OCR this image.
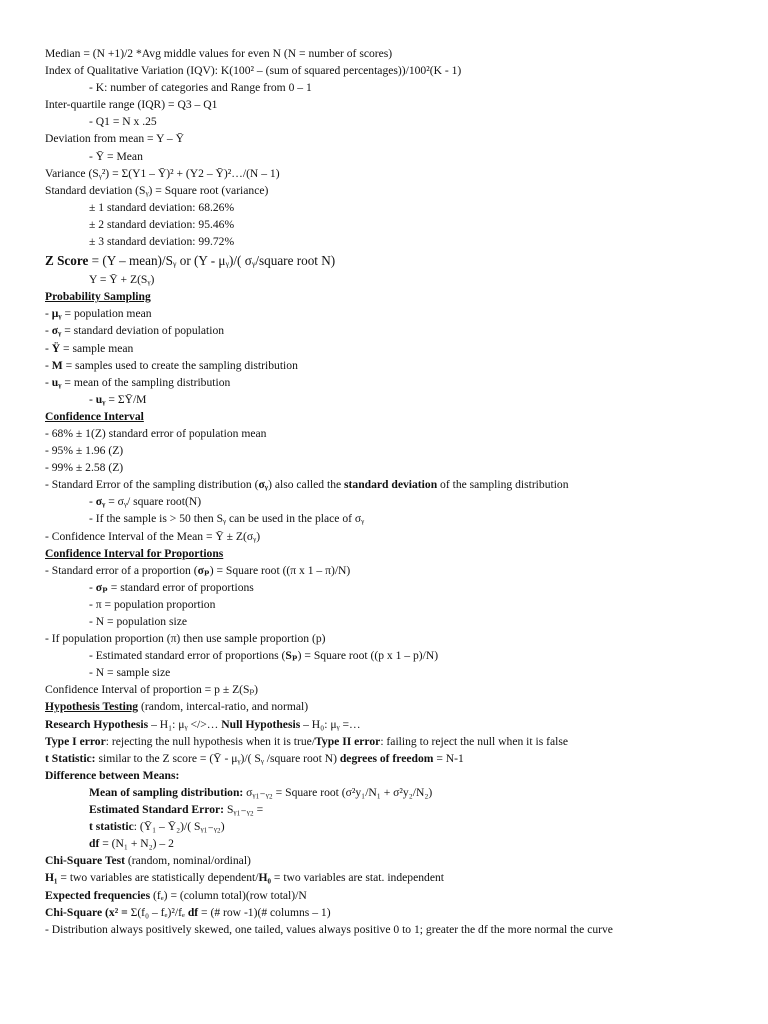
Median = (N +1)/2 *Avg middle values for even N (N = number of scores)
Index of Qualitative Variation (IQV): K(100² – (sum of squared percentages))/100²(K - 1)
- K: number of categories and Range from 0 – 1
Inter-quartile range (IQR) = Q3 – Q1
- Q1 = N x .25
Deviation from mean = Y – Ȳ
- Ȳ = Mean
Variance (Sᵧ²) = Σ(Y1 – Ȳ)² + (Y2 – Ȳ)²…/(N – 1)
Standard deviation (Sᵧ) = Square root (variance)
± 1 standard deviation: 68.26%
± 2 standard deviation: 95.46%
± 3 standard deviation: 99.72%
Z Score = (Y – mean)/Sᵧ or (Y - μᵧ)/( σᵧ/square root N)
Y = Ȳ + Z(Sᵧ)
Probability Sampling
- μᵧ = population mean
- σᵧ = standard deviation of population
- Ÿ = sample mean
- M = samples used to create the sampling distribution
- uᵧ = mean of the sampling distribution
- uᵧ = ΣȲ/M
Confidence Interval
- 68% ± 1(Z) standard error of population mean
- 95% ± 1.96 (Z)
- 99% ± 2.58 (Z)
- Standard Error of the sampling distribution (σᵧ) also called the standard deviation of the sampling distribution
- σᵧ = σᵧ/ square root(N)
- If the sample is > 50 then Sᵧ can be used in the place of σᵧ
- Confidence Interval of the Mean = Ȳ ± Z(σᵧ)
Confidence Interval for Proportions
- Standard error of a proportion (σₚ) = Square root ((π x 1 – π)/N)
- σₚ = standard error of proportions
- π = population proportion
- N = population size
- If population proportion (π) then use sample proportion (p)
- Estimated standard error of proportions (Sₚ) = Square root ((p x 1 – p)/N)
- N = sample size
Confidence Interval of proportion = p ± Z(Sₚ)
Hypothesis Testing (random, intercal-ratio, and normal)
Research Hypothesis – H₁: μᵧ </>… Null Hypothesis – H₀: μᵧ =…
Type I error: rejecting the null hypothesis when it is true/Type II error: failing to reject the null when it is false
t Statistic: similar to the Z score = (Ȳ - μᵧ)/( Sᵧ /square root N) degrees of freedom = N-1
Difference between Means:
Mean of sampling distribution: σᵧ₁₋ᵧ₂ = Square root (σ²y₁/N₁ + σ²y₂/N₂)
Estimated Standard Error: Sᵧ₁₋ᵧ₂ =
t statistic: (Ȳ₁ – Ȳ₂)/( Sᵧ₁₋ᵧ₂)
df = (N₁ + N₂) – 2
Chi-Square Test (random, nominal/ordinal)
H₁ = two variables are statistically dependent/H₀ = two variables are stat. independent
Expected frequencies (fₑ) = (column total)(row total)/N
Chi-Square (x² = Σ(f₀ – fₑ)²/fₑ df = (# row -1)(# columns – 1)
- Distribution always positively skewed, one tailed, values always positive 0 to 1; greater the df the more normal the curve
